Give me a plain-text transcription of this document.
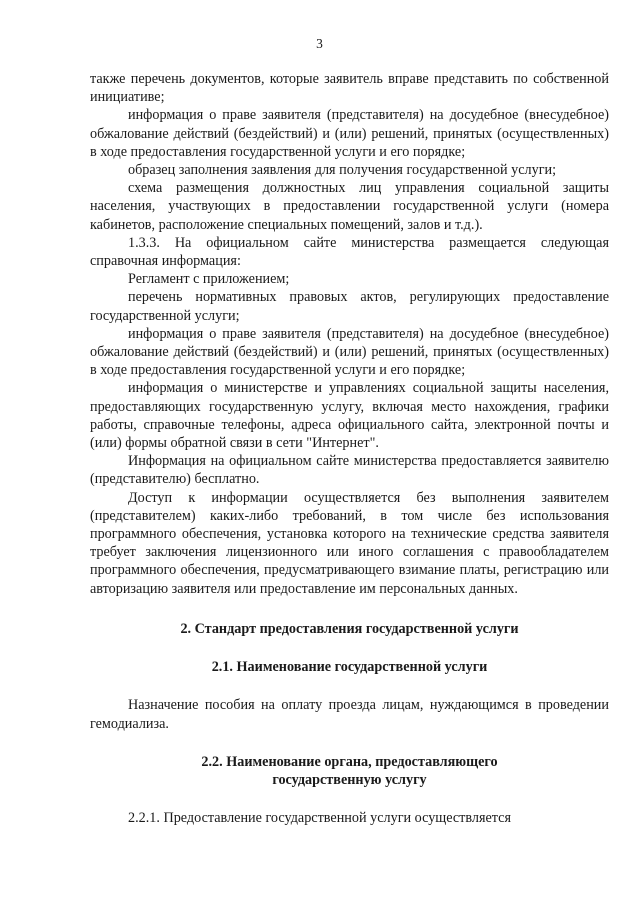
3

также перечень документов, которые заявитель вправе представить по собственной инициативе;

информация о праве заявителя (представителя) на досудебное (внесудебное) обжалование действий (бездействий) и (или) решений, принятых (осуществленных) в ходе предоставления государственной услуги и его порядке;

образец заполнения заявления для получения государственной услуги;

схема размещения должностных лиц управления социальной защиты населения, участвующих в предоставлении государственной услуги (номера кабинетов, расположение специальных помещений, залов и т.д.).

1.3.3. На официальном сайте министерства размещается следующая справочная информация:

Регламент с приложением;

перечень нормативных правовых актов, регулирующих предоставление государственной услуги;

информация о праве заявителя (представителя) на досудебное (внесудебное) обжалование действий (бездействий) и (или) решений, принятых (осуществленных) в ходе предоставления государственной услуги и его порядке;

информация о министерстве и управлениях социальной защиты населения, предоставляющих государственную услугу, включая место нахождения, графики работы, справочные телефоны, адреса официального сайта, электронной почты и (или) формы обратной связи в сети "Интернет".

Информация на официальном сайте министерства предоставляется заявителю (представителю) бесплатно.

Доступ к информации осуществляется без выполнения заявителем (представителем) каких-либо требований, в том числе без использования программного обеспечения, установка которого на технические средства заявителя требует заключения лицензионного или иного соглашения с правообладателем программного обеспечения, предусматривающего взимание платы, регистрацию или авторизацию заявителя или предоставление им персональных данных.

2. Стандарт предоставления государственной услуги

2.1. Наименование государственной услуги

Назначение пособия на оплату проезда лицам, нуждающимся в проведении гемодиализа.

2.2. Наименование органа, предоставляющего

государственную услугу

2.2.1. Предоставление государственной услуги осуществляется
